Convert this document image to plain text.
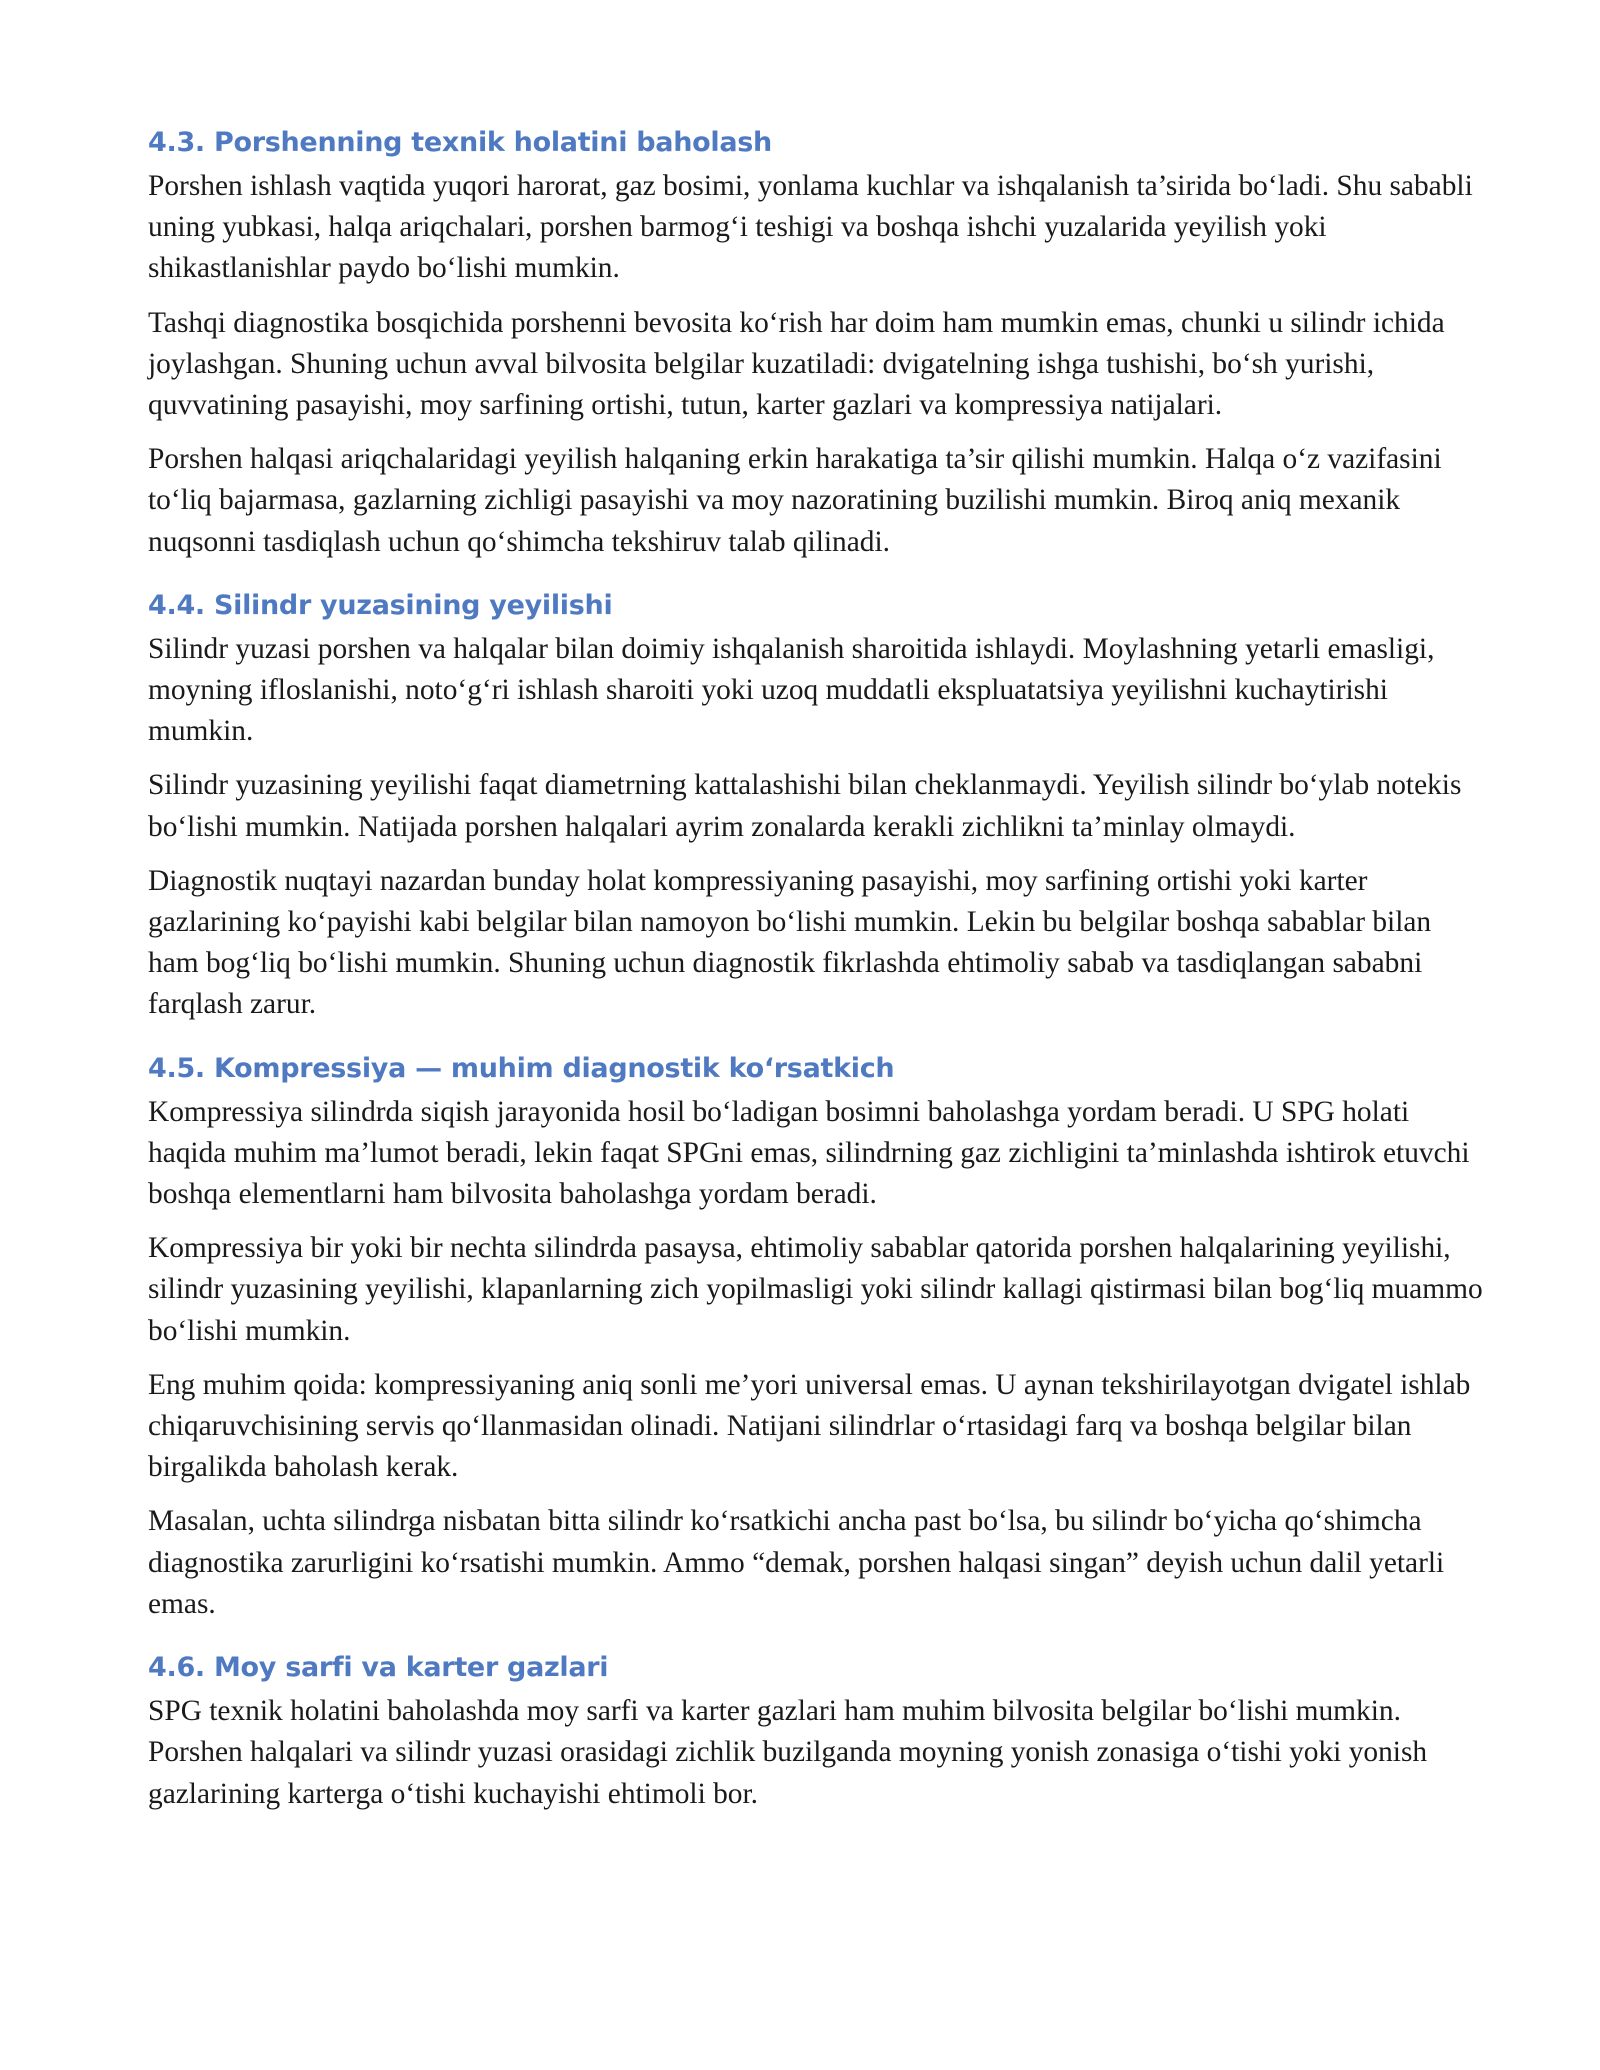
4.3. Porshenning texnik holatini baholash

Porshen ishlash vaqtida yuqori harorat, gaz bosimi, yonlama kuchlar va ishqalanish ta’sirida bo‘ladi. Shu sababli uning yubkasi, halqa ariqchalari, porshen barmog‘i teshigi va boshqa ishchi yuzalarida yeyilish yoki shikastlanishlar paydo bo‘lishi mumkin.

Tashqi diagnostika bosqichida porshenni bevosita ko‘rish har doim ham mumkin emas, chunki u silindr ichida joylashgan. Shuning uchun avval bilvosita belgilar kuzatiladi: dvigatelning ishga tushishi, bo‘sh yurishi, quvvatining pasayishi, moy sarfining ortishi, tutun, karter gazlari va kompressiya natijalari.

Porshen halqasi ariqchalaridagi yeyilish halqaning erkin harakatiga ta’sir qilishi mumkin. Halqa o‘z vazifasini to‘liq bajarmasa, gazlarning zichligi pasayishi va moy nazoratining buzilishi mumkin. Biroq aniq mexanik nuqsonni tasdiqlash uchun qo‘shimcha tekshiruv talab qilinadi.

4.4. Silindr yuzasining yeyilishi

Silindr yuzasi porshen va halqalar bilan doimiy ishqalanish sharoitida ishlaydi. Moylashning yetarli emasligi, moyning ifloslanishi, noto‘g‘ri ishlash sharoiti yoki uzoq muddatli ekspluatatsiya yeyilishni kuchaytirishi mumkin.

Silindr yuzasining yeyilishi faqat diametrning kattalashishi bilan cheklanmaydi. Yeyilish silindr bo‘ylab notekis bo‘lishi mumkin. Natijada porshen halqalari ayrim zonalarda kerakli zichlikni ta’minlay olmaydi.

Diagnostik nuqtayi nazardan bunday holat kompressiyaning pasayishi, moy sarfining ortishi yoki karter gazlarining ko‘payishi kabi belgilar bilan namoyon bo‘lishi mumkin. Lekin bu belgilar boshqa sabablar bilan ham bog‘liq bo‘lishi mumkin. Shuning uchun diagnostik fikrlashda ehtimoliy sabab va tasdiqlangan sababni farqlash zarur.

4.5. Kompressiya — muhim diagnostik ko‘rsatkich

Kompressiya silindrda siqish jarayonida hosil bo‘ladigan bosimni baholashga yordam beradi. U SPG holati haqida muhim ma’lumot beradi, lekin faqat SPGni emas, silindrning gaz zichligini ta’minlashda ishtirok etuvchi boshqa elementlarni ham bilvosita baholashga yordam beradi.

Kompressiya bir yoki bir nechta silindrda pasaysa, ehtimoliy sabablar qatorida porshen halqalarining yeyilishi, silindr yuzasining yeyilishi, klapanlarning zich yopilmasligi yoki silindr kallagi qistirmasi bilan bog‘liq muammo bo‘lishi mumkin.

Eng muhim qoida: kompressiyaning aniq sonli me’yori universal emas. U aynan tekshirilayotgan dvigatel ishlab chiqaruvchisining servis qo‘llanmasidan olinadi. Natijani silindrlar o‘rtasidagi farq va boshqa belgilar bilan birgalikda baholash kerak.

Masalan, uchta silindrga nisbatan bitta silindr ko‘rsatkichi ancha past bo‘lsa, bu silindr bo‘yicha qo‘shimcha diagnostika zarurligini ko‘rsatishi mumkin. Ammo “demak, porshen halqasi singan” deyish uchun dalil yetarli emas.

4.6. Moy sarfi va karter gazlari

SPG texnik holatini baholashda moy sarfi va karter gazlari ham muhim bilvosita belgilar bo‘lishi mumkin. Porshen halqalari va silindr yuzasi orasidagi zichlik buzilganda moyning yonish zonasiga o‘tishi yoki yonish gazlarining karterga o‘tishi kuchayishi ehtimoli bor.
